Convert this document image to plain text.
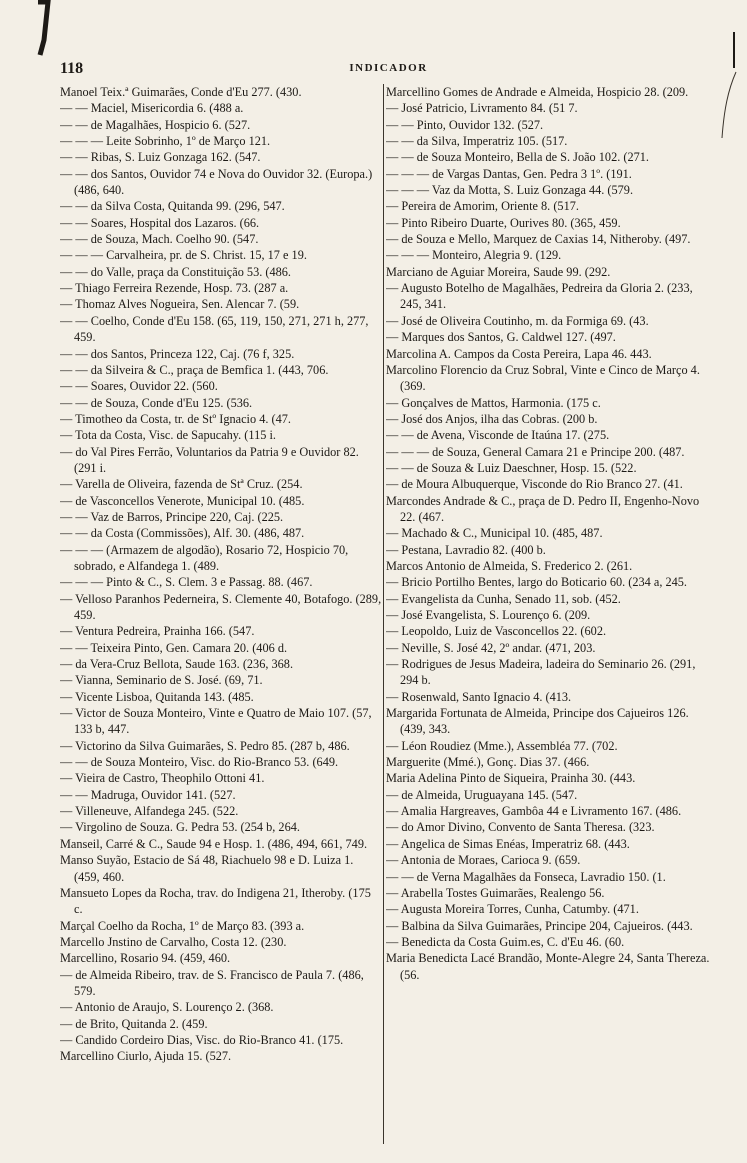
118	INDICADOR

Manoel Teix.ª Guimarães, Conde d'Eu 277. (430.

— — Maciel, Misericordia 6. (488 a.

— — de Magalhães, Hospicio 6. (527.

— — — Leite Sobrinho, 1º de Março 121.

— — Ribas, S. Luiz Gonzaga 162. (547.

— — dos Santos, Ouvidor 74 e Nova do Ouvidor 32. (Europa.) (486, 640.

— — da Silva Costa, Quitanda 99. (296, 547.

— — Soares, Hospital dos Lazaros. (66.

— — de Souza, Mach. Coelho 90. (547.

— — — Carvalheira, pr. de S. Christ. 15, 17 e 19.

— — do Valle, praça da Constituição 53. (486.

— Thiago Ferreira Rezende, Hosp. 73. (287 a.

— Thomaz Alves Nogueira, Sen. Alencar 7. (59.

— — Coelho, Conde d'Eu 158. (65, 119, 150, 271, 271 h, 277, 459.

— — dos Santos, Princeza 122, Caj. (76 f, 325.

— — da Silveira & C., praça de Bemfica 1. (443, 706.

— — Soares, Ouvidor 22. (560.

— — de Souza, Conde d'Eu 125. (536.

— Timotheo da Costa, tr. de Stº Ignacio 4. (47.

— Tota da Costa, Visc. de Sapucahy. (115 i.

— do Val Pires Ferrão, Voluntarios da Patria 9 e Ouvidor 82. (291 i.

— Varella de Oliveira, fazenda de Stª Cruz. (254.

— de Vasconcellos Venerote, Municipal 10. (485.

— — Vaz de Barros, Principe 220, Caj. (225.

— — da Costa (Commissões), Alf. 30. (486, 487.

— — — (Armazem de algodão), Rosario 72, Hospicio 70, sobrado, e Alfandega 1. (489.

— — — Pinto & C., S. Clem. 3 e Passag. 88. (467.

— Velloso Paranhos Pederneira, S. Clemente 40, Botafogo. (289, 459.

— Ventura Pedreira, Prainha 166. (547.

— — Teixeira Pinto, Gen. Camara 20. (406 d.

— da Vera-Cruz Bellota, Saude 163. (236, 368.

— Vianna, Seminario de S. José. (69, 71.

— Vicente Lisboa, Quitanda 143. (485.

— Victor de Souza Monteiro, Vinte e Quatro de Maio 107. (57, 133 b, 447.

— Victorino da Silva Guimarães, S. Pedro 85. (287 b, 486.

— — de Souza Monteiro, Visc. do Rio-Branco 53. (649.

— Vieira de Castro, Theophilo Ottoni 41.

— — Madruga, Ouvidor 141. (527.

— Villeneuve, Alfandega 245. (522.

— Virgolino de Souza. G. Pedra 53. (254 b, 264.

Manseil, Carré & C., Saude 94 e Hosp. 1. (486, 494, 661, 749.

Manso Suyão, Estacio de Sá 48, Riachuelo 98 e D. Luiza 1. (459, 460.

Mansueto Lopes da Rocha, trav. do Indigena 21, Itheroby. (175 c.

Marçal Coelho da Rocha, 1º de Março 83. (393 a.

Marcello Jnstino de Carvalho, Costa 12. (230.

Marcellino, Rosario 94. (459, 460.

— de Almeida Ribeiro, trav. de S. Francisco de Paula 7. (486, 579.

— Antonio de Araujo, S. Lourenço 2. (368.

— de Brito, Quitanda 2. (459.

— Candido Cordeiro Dias, Visc. do Rio-Branco 41. (175.

Marcellino Ciurlo, Ajuda 15. (527.

Marcellino Gomes de Andrade e Almeida, Hospicio 28. (209.

— José Patricio, Livramento 84. (51 7.

— — Pinto, Ouvidor 132. (527.

— — da Silva, Imperatriz 105. (517.

— — de Souza Monteiro, Bella de S. João 102. (271.

— — — de Vargas Dantas, Gen. Pedra 3 1º. (191.

— — — Vaz da Motta, S. Luiz Gonzaga 44. (579.

— Pereira de Amorim, Oriente 8. (517.

— Pinto Ribeiro Duarte, Ourives 80. (365, 459.

— de Souza e Mello, Marquez de Caxias 14, Nitheroby. (497.

— — — Monteiro, Alegria 9. (129.

Marciano de Aguiar Moreira, Saude 99. (292.

— Augusto Botelho de Magalhães, Pedreira da Gloria 2. (233, 245, 341.

— José de Oliveira Coutinho, m. da Formiga 69. (43.

— Marques dos Santos, G. Caldwel 127. (497.

Marcolina A. Campos da Costa Pereira, Lapa 46. 443.

Marcolino Florencio da Cruz Sobral, Vinte e Cinco de Março 4. (369.

— Gonçalves de Mattos, Harmonia. (175 c.

— José dos Anjos, ilha das Cobras. (200 b.

— — de Avena, Visconde de Itaúna 17. (275.

— — — de Souza, General Camara 21 e Principe 200. (487.

— — de Souza & Luiz Daeschner, Hosp. 15. (522.

— de Moura Albuquerque, Visconde do Rio Branco 27. (41.

Marcondes Andrade & C., praça de D. Pedro II, Engenho-Novo 22. (467.

— Machado & C., Municipal 10. (485, 487.

— Pestana, Lavradio 82. (400 b.

Marcos Antonio de Almeida, S. Frederico 2. (261.

— Bricio Portilho Bentes, largo do Boticario 60. (234 a, 245.

— Evangelista da Cunha, Senado 11, sob. (452.

— José Evangelista, S. Lourenço 6. (209.

— Leopoldo, Luiz de Vasconcellos 22. (602.

— Neville, S. José 42, 2º andar. (471, 203.

— Rodrigues de Jesus Madeira, ladeira do Seminario 26. (291, 294 b.

— Rosenwald, Santo Ignacio 4. (413.

Margarida Fortunata de Almeida, Principe dos Cajueiros 126. (439, 343.

— Léon Roudiez (Mme.), Assembléa 77. (702.

Marguerite (Mmé.), Gonç. Dias 37. (466.

Maria Adelina Pinto de Siqueira, Prainha 30. (443.

— de Almeida, Uruguayana 145. (547.

— Amalia Hargreaves, Gambôa 44 e Livramento 167. (486.

— do Amor Divino, Convento de Santa Theresa. (323.

— Angelica de Simas Enéas, Imperatriz 68. (443.

— Antonia de Moraes, Carioca 9. (659.

— — de Verna Magalhães da Fonseca, Lavradio 150. (1.

— Arabella Tostes Guimarães, Realengo 56.

— Augusta Moreira Torres, Cunha, Catumby. (471.

— Balbina da Silva Guimarães, Principe 204, Cajueiros. (443.

— Benedicta da Costa Guim.es, C. d'Eu 46. (60.

Maria Benedicta Lacé Brandão, Monte-Alegre 24, Santa Thereza. (56.
